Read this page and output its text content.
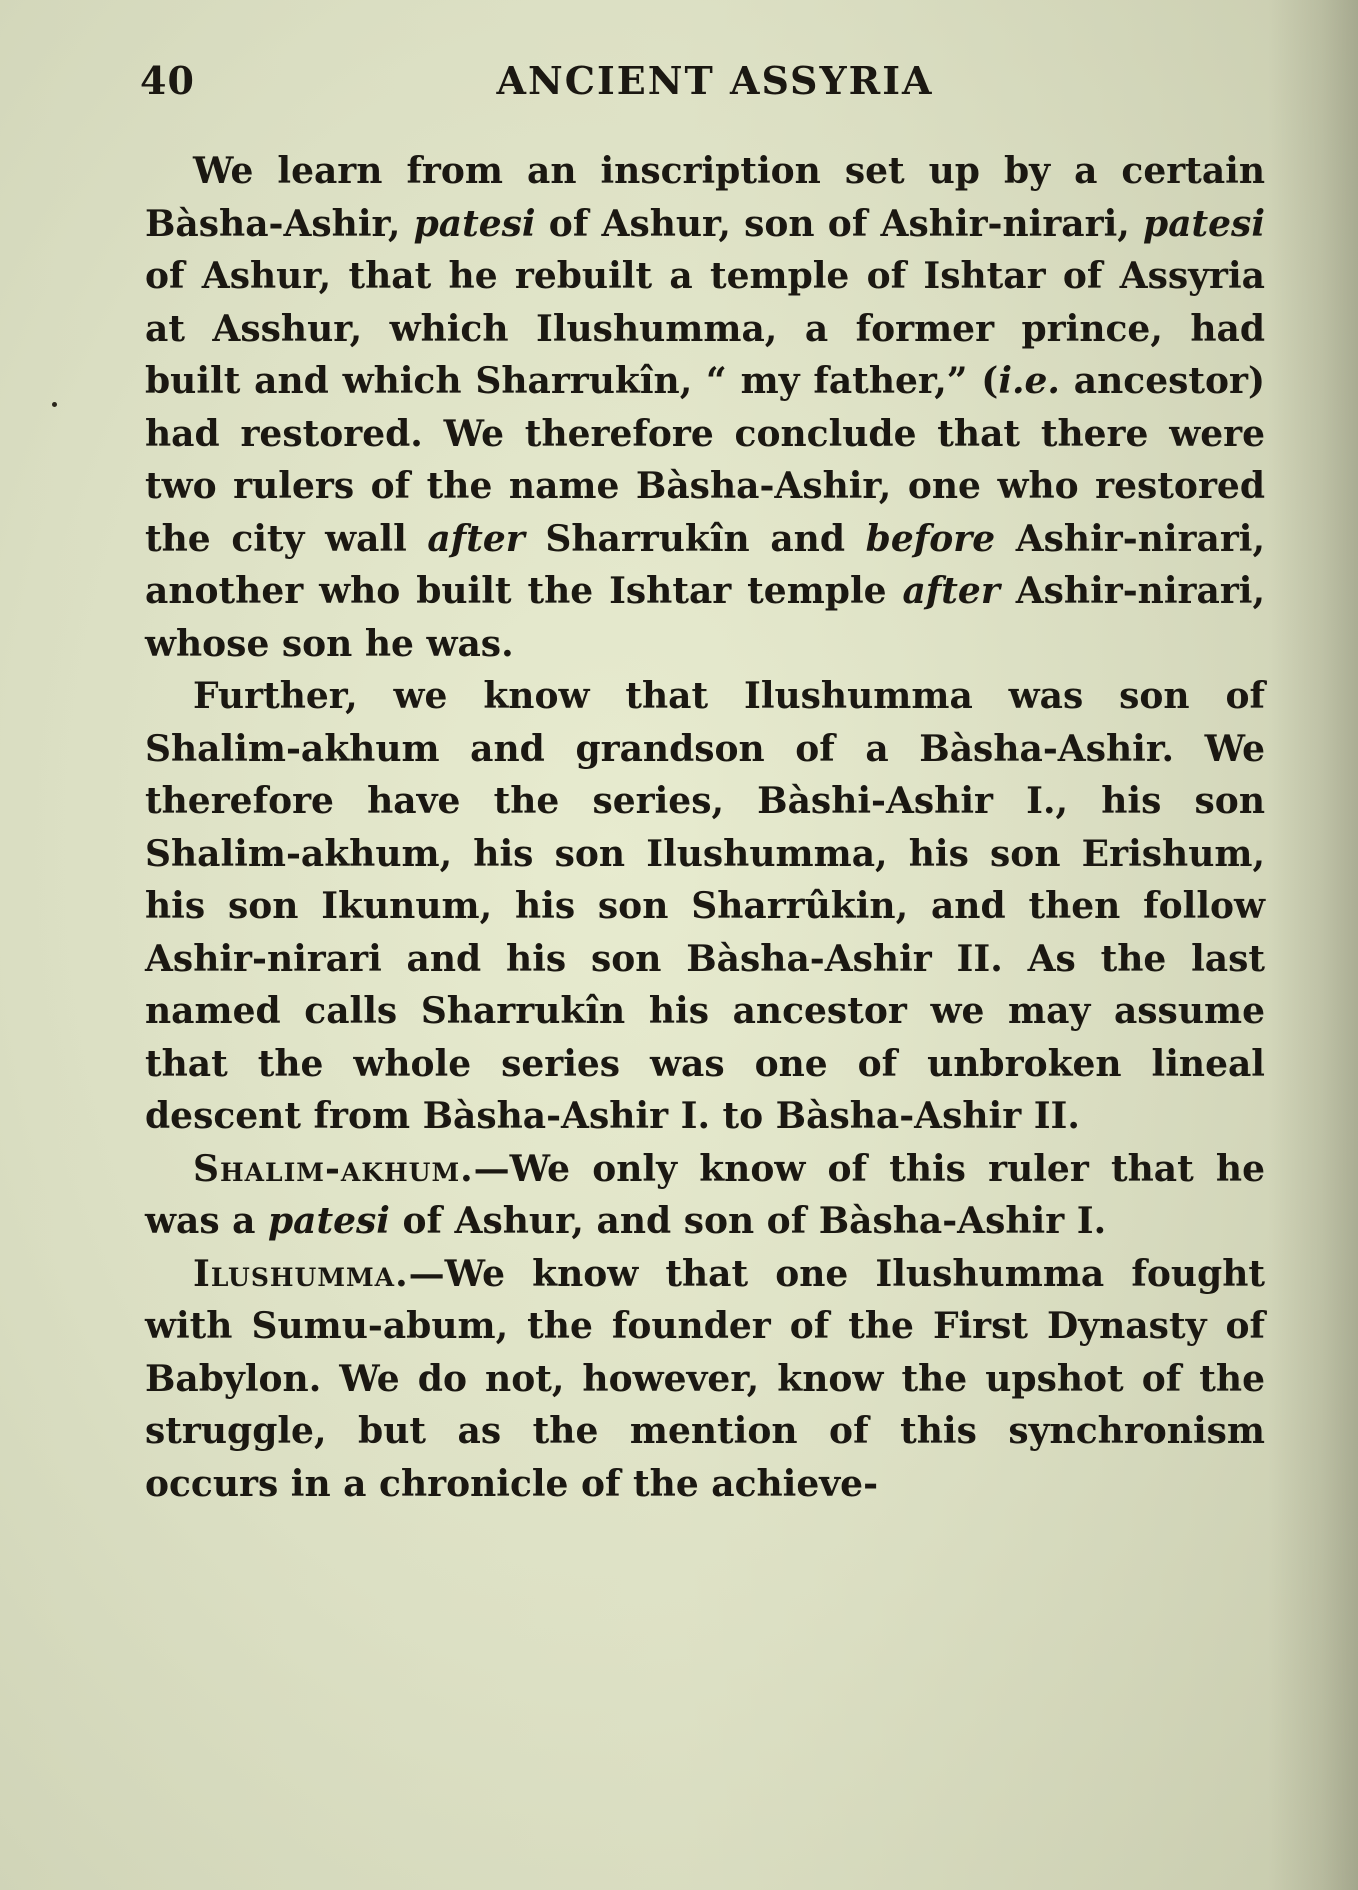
40	ANCIENT ASSYRIA

We learn from an inscription set up by a certain Bàsha-Ashir, patesi of Ashur, son of Ashir-nirari, patesi of Ashur, that he rebuilt a temple of Ishtar of Assyria at Asshur, which Ilushumma, a former prince, had built and which Sharrukîn, “ my father,” (i.e. ancestor) had restored. We therefore conclude that there were two rulers of the name Bàsha-Ashir, one who restored the city wall after Sharrukîn and before Ashir-nirari, another who built the Ishtar temple after Ashir-nirari, whose son he was.

Further, we know that Ilushumma was son of Shalim-akhum and grandson of a Bàsha-Ashir. We therefore have the series, Bàshi-Ashir I., his son Shalim-akhum, his son Ilushumma, his son Erishum, his son Ikunum, his son Sharrûkin, and then follow Ashir-nirari and his son Bàsha-Ashir II. As the last named calls Sharrukîn his ancestor we may assume that the whole series was one of unbroken lineal descent from Bàsha-Ashir I. to Bàsha-Ashir II.

Shalim-akhum.—We only know of this ruler that he was a patesi of Ashur, and son of Bàsha-Ashir I.

Ilushumma.—We know that one Ilushumma fought with Sumu-abum, the founder of the First Dynasty of Babylon. We do not, however, know the upshot of the struggle, but as the mention of this synchronism occurs in a chronicle of the achieve-
